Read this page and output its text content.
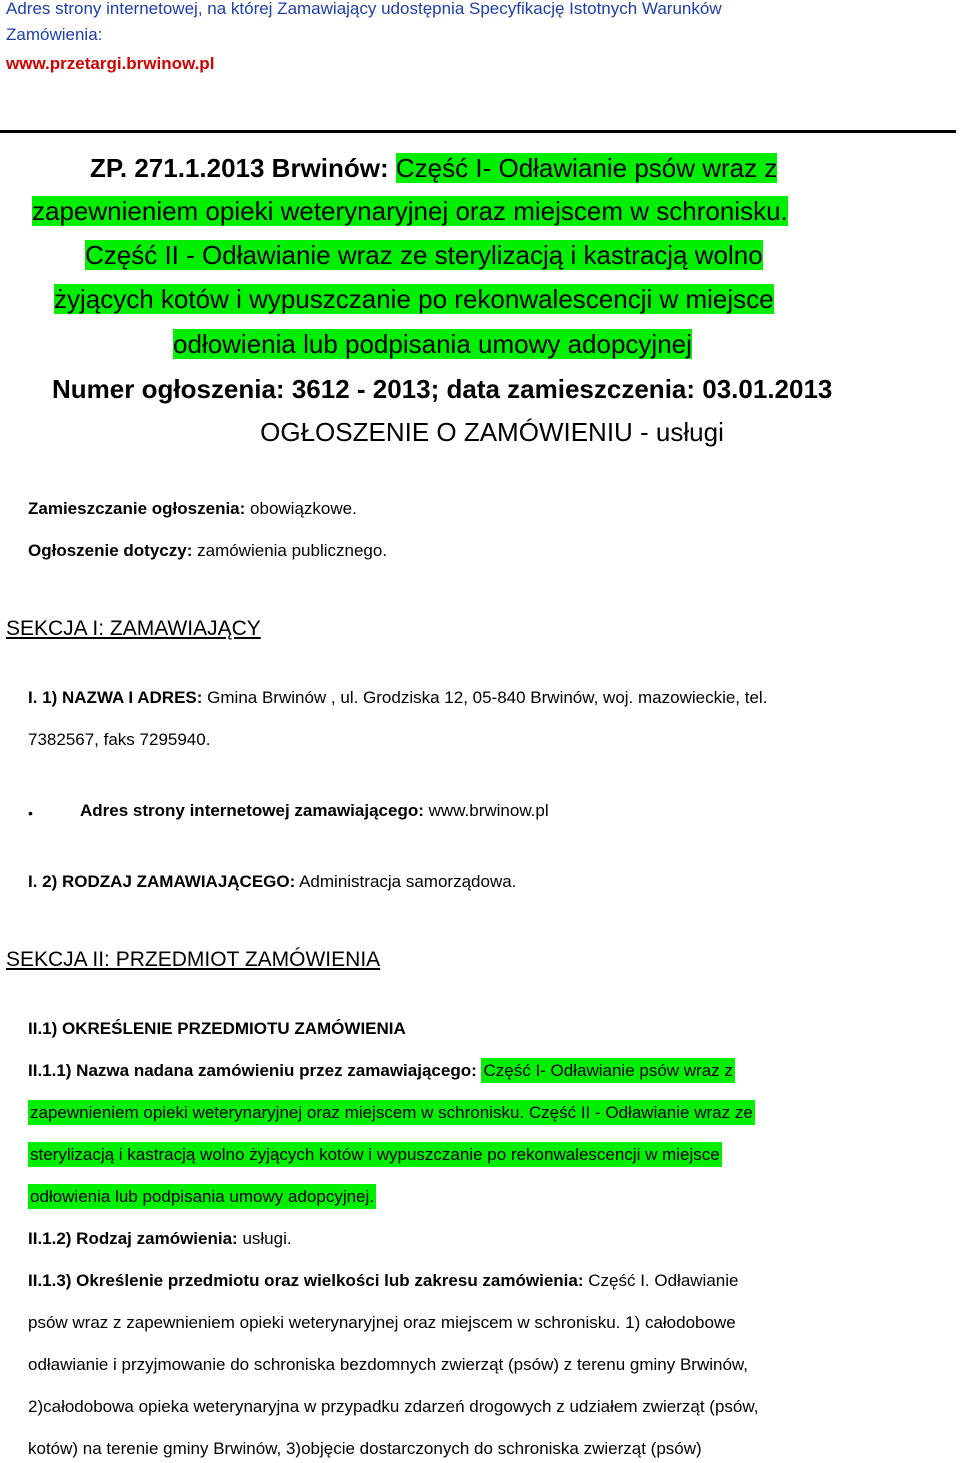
Adres strony internetowej, na której Zamawiający udostępnia Specyfikację Istotnych Warunków
Zamówienia:
www.przetargi.brwinow.pl
ZP. 271.1.2013 Brwinów: Część I- Odławianie psów wraz z
zapewnieniem opieki weterynaryjnej oraz miejscem w schronisku.
Część II - Odławianie wraz ze sterylizacją i kastracją wolno
żyjących kotów i wypuszczanie po rekonwalescencji w miejsce
odłowienia lub podpisania umowy adopcyjnej
Numer ogłoszenia: 3612 - 2013; data zamieszczenia: 03.01.2013
OGŁOSZENIE O ZAMÓWIENIU - usługi
Zamieszczanie ogłoszenia: obowiązkowe.
Ogłoszenie dotyczy: zamówienia publicznego.
SEKCJA I: ZAMAWIAJĄCY
I. 1) NAZWA I ADRES: Gmina Brwinów , ul. Grodziska 12, 05-840 Brwinów, woj. mazowieckie, tel.
7382567, faks 7295940.
•	Adres strony internetowej zamawiającego: www.brwinow.pl
I. 2) RODZAJ ZAMAWIAJĄCEGO: Administracja samorządowa.
SEKCJA II: PRZEDMIOT ZAMÓWIENIA
II.1) OKREŚLENIE PRZEDMIOTU ZAMÓWIENIA
II.1.1) Nazwa nadana zamówieniu przez zamawiającego: Część I- Odławianie psów wraz z
zapewnieniem opieki weterynaryjnej oraz miejscem w schronisku. Część II - Odławianie wraz ze
sterylizacją i kastracją wolno żyjących kotów i wypuszczanie po rekonwalescencji w miejsce
odłowienia lub podpisania umowy adopcyjnej.
II.1.2) Rodzaj zamówienia: usługi.
II.1.3) Określenie przedmiotu oraz wielkości lub zakresu zamówienia: Część I. Odławianie
psów wraz z zapewnieniem opieki weterynaryjnej oraz miejscem w schronisku. 1) całodobowe
odławianie i przyjmowanie do schroniska bezdomnych zwierząt (psów) z terenu gminy Brwinów,
2)całodobowa opieka weterynaryjna w przypadku zdarzeń drogowych z udziałem zwierząt (psów,
kotów) na terenie gminy Brwinów, 3)objęcie dostarczonych do schroniska zwierząt (psów)
